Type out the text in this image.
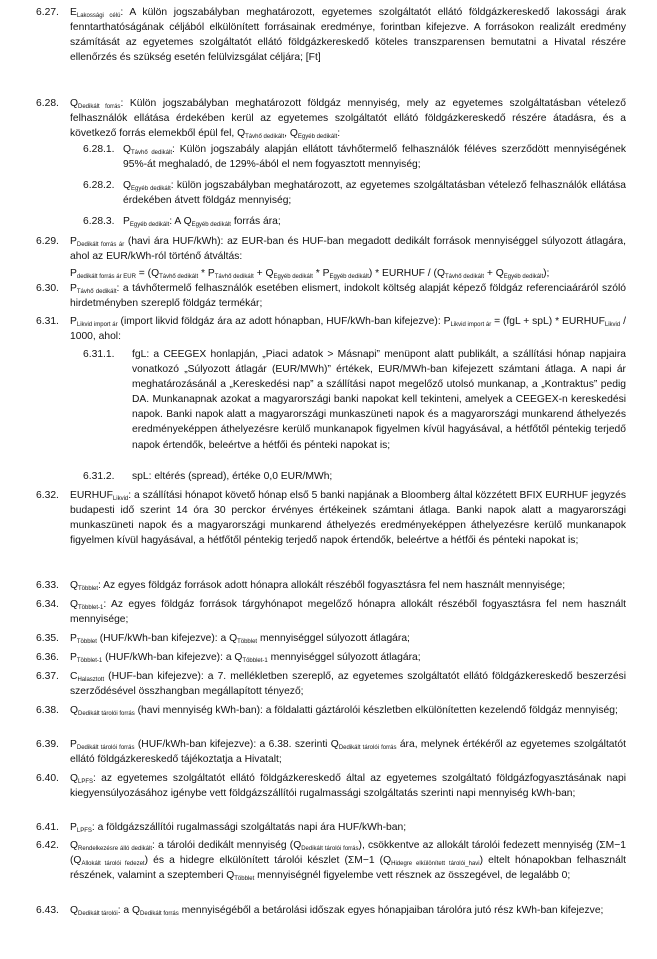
6.27. $E_{Lakossági célú}$: A külön jogszabályban meghatározott, egyetemes szolgáltatót ellátó földgázkereskedő lakossági árak fenntarthatóságának céljából elkülönített forrásainak eredménye, forintban kifejezve. A forrásokon realizált eredmény számítását az egyetemes szolgáltatót ellátó földgázkereskedő köteles transzparensen bemutatni a Hivatal részére ellenőrzés és szükség esetén felülvizsgálat céljára; [Ft]
6.28. $Q_{Dedikált forrás}$: Külön jogszabályban meghatározott földgáz mennyiség, mely az egyetemes szolgáltatásban vételező felhasználók ellátása érdekében kerül az egyetemes szolgáltatót ellátó földgázkereskedő részére átadásra, és a következő forrás elemekből épül fel, $Q_{Távhő dedikált}$, $Q_{Egyéb dedikált}$:
6.28.1. $Q_{Távhő dedikált}$: Külön jogszabály alapján ellátott távhőtermelő felhasználók féléves szerződött mennyiségének 95%-át meghaladó, de 129%-ából el nem fogyasztott mennyiség;
6.28.2. $Q_{Egyéb dedikált}$: külön jogszabályban meghatározott, az egyetemes szolgáltatásban vételező felhasználók ellátása érdekében átvett földgáz mennyiség;
6.28.3. $P_{Egyéb dedikált}$: A $Q_{Egyéb dedikált}$ forrás ára;
6.29. $P_{Dedikált forrás ár}$ (havi ára HUF/kWh): az EUR-ban és HUF-ban megadott dedikált források mennyiséggel súlyozott átlagára, ahol az EUR/kWh-ról történő átváltás:
$P_{dedikált forrás ár EUR} = (Q_{Távhő dedikált} * P_{Távhő dedikált} + Q_{Egyéb dedikált} * P_{Egyéb dedikált})$ * EURHUF / $(Q_{Távhő dedikált} + Q_{Egyéb dedikált})$;
6.30. $P_{Távhő dedikált}$: a távhőtermelő felhasználók esetében elismert, indokolt költség alapját képező földgáz referenciaáráról szóló hirdetményben szereplő földgáz termékár;
6.31. $P_{Likvid import ár}$ (import likvid földgáz ára az adott hónapban, HUF/kWh-ban kifejezve): $P_{Likvid import ár} = (fgL + spL)$ * $EURHUF_{Likvid} / 1000$, ahol:
6.31.1. fgL: a CEEGEX honlapján, „Piaci adatok > Másnapi” menüpont alatt publikált, a szállítási hónap napjaira vonatkozó „Súlyozott átlagár (EUR/MWh)” értékek, EUR/MWh-ban kifejezett számtani átlaga. A napi ár meghatározásánál a „Kereskedési nap” a szállítási napot megelőző utolsó munkanap, a „Kontraktus” pedig DA. Munkanapnak azokat a magyarországi banki napokat kell tekinteni, amelyek a CEEGEX-n kereskedési napok. Banki napok alatt a magyarországi munkaszüneti napok és a magyarországi munkarend áthelyezés eredményeképpen áthelyezésre kerülő munkanapok figyelmen kívül hagyásával, a hétfőtől péntekig terjedő napok értendők, beleértve a hétfői és pénteki napokat is;
6.31.2. spL: eltérés (spread), értéke 0,0 EUR/MWh;
6.32. $EURHUF_{Likvid}$: a szállítási hónapot követő hónap első 5 banki napjának a Bloomberg által közzétett BFIX EURHUF jegyzés budapesti idő szerint 14 óra 30 perckor érvényes értékeinek számtani átlaga. Banki napok alatt a magyarországi munkaszüneti napok és a magyarországi munkarend áthelyezés eredményeképpen áthelyezésre kerülő munkanapok figyelmen kívül hagyásával, a hétfőtől péntekig terjedő napok értendők, beleértve a hétfői és pénteki napokat is;
6.33. $Q_{Többlet}$: Az egyes földgáz források adott hónapra allokált részéből fogyasztásra fel nem használt mennyisége;
6.34. $Q_{Többlet-1}$: Az egyes földgáz források tárgyhónapot megelőző hónapra allokált részéből fogyasztásra fel nem használt mennyisége;
6.35. $P_{Többlet}$ (HUF/kWh-ban kifejezve): a $Q_{Többlet}$ mennyiséggel súlyozott átlagára;
6.36. $P_{Többlet-1}$ (HUF/kWh-ban kifejezve): a $Q_{Többlet-1}$ mennyiséggel súlyozott átlagára;
6.37. $C_{Halasztott}$ (HUF-ban kifejezve): a 7. mellékletben szereplő, az egyetemes szolgáltatót ellátó földgázkereskedő beszerzési szerződésével összhangban megállapított tényező;
6.38. $Q_{Dedikált tárolói forrás}$ (havi mennyiség kWh-ban): a földalatti gáztárolói készletben elkülönítetten kezelendő földgáz mennyiség;
6.39. $P_{Dedikált tárolói forrás}$ (HUF/kWh-ban kifejezve): a 6.38. szerinti $Q_{Dedikált tárolói forrás}$ ára, melynek értékéről az egyetemes szolgáltatót ellátó földgázkereskedő tájékoztatja a Hivatalt;
6.40. $Q_{LPFS}$: az egyetemes szolgáltatót ellátó földgázkereskedő által az egyetemes szolgáltató földgázfogyasztásának napi kiegyensúlyozásához igénybe vett földgázszállítói rugalmassági szolgáltatás szerinti napi mennyiség kWh-ban;
6.41. $P_{LPFS}$: a földgázszállítói rugalmassági szolgáltatás napi ára HUF/kWh-ban;
6.42. $Q_{Rendelkezésre álló dedikált}$: a tárolói dedikált mennyiség $(Q_{Dedikált tárolói forrás})$, csökkentve az allokált tárolói fedezett mennyiség (ΣM−1 $(Q_{Allokált tárolói fedezet})$ és a hidegre elkülönített tárolói készlet (ΣM−1 $(Q_{Hidegre elkülönített tárolói\_havi})$ eltelt hónapokban felhasznált részének, valamint a szeptemberi $Q_{Többlet}$ mennyiségnél figyelembe vett résznek az összegével, de legalább 0;
6.43. $Q_{Dedikált tárolói}$: a $Q_{Dedikált forrás}$ mennyiségéből a betárolási időszak egyes hónapjaiban tárolóra jutó rész kWh-ban kifejezve;
